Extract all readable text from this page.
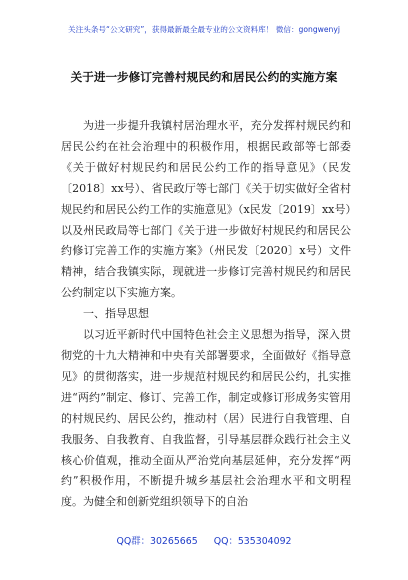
关注头条号“公文研究”，获得最新最全最专业的公文资料库！ 微信：gongwenyj
关于进一步修订完善村规民约和居民公约的实施方案

为进一步提升我镇村居治理水平，充分发挥村规民约和居民公约在社会治理中的积极作用，根据民政部等七部委《关于做好村规民约和居民公约工作的指导意见》（民发〔2018〕xx号）、省民政厅等七部门《关于切实做好全省村规民约和居民公约工作的实施意见》（x民发〔2019〕xx号）以及州民政局等七部门《关于进一步做好村规民约和居民公约修订完善工作的实施方案》（州民发〔2020〕x号）文件精神，结合我镇实际，现就进一步修订完善村规民约和居民公约制定以下实施方案。

一、指导思想

以习近平新时代中国特色社会主义思想为指导，深入贯彻党的十九大精神和中央有关部署要求，全面做好《指导意见》的贯彻落实，进一步规范村规民约和居民公约，扎实推进“两约”制定、修订、完善工作，制定或修订形成务实管用的村规民约、居民公约，推动村（居）民进行自我管理、自我服务、自我教育、自我监督，引导基层群众践行社会主义核心价值观，推动全面从严治党向基层延伸，充分发挥“两约”积极作用，不断提升城乡基层社会治理水平和文明程度。为健全和创新党组织领导下的自治

QQ群：30265665 QQ：535304092
